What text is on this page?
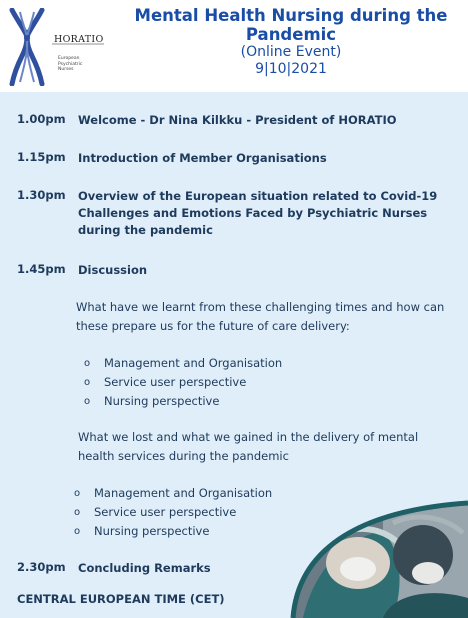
HORATIO
European
Psychiatric
Nurses
Mental Health Nursing during the Pandemic
(Online Event)
9|10|2021
1.00pm Welcome - Dr Nina Kilkku - President of HORATIO
1.15pm Introduction of Member Organisations
1.30pm Overview of the European situation related to Covid-19 Challenges and Emotions Faced by Psychiatric Nurses during the pandemic
1.45pm Discussion
What have we learnt from these challenging times and how can these prepare us for the future of care delivery:
o Management and Organisation
o Service user perspective
o Nursing perspective
What we lost and what we gained in the delivery of mental health services during the pandemic
o Management and Organisation
o Service user perspective
o Nursing perspective
2.30pm Concluding Remarks
CENTRAL EUROPEAN TIME (CET)
